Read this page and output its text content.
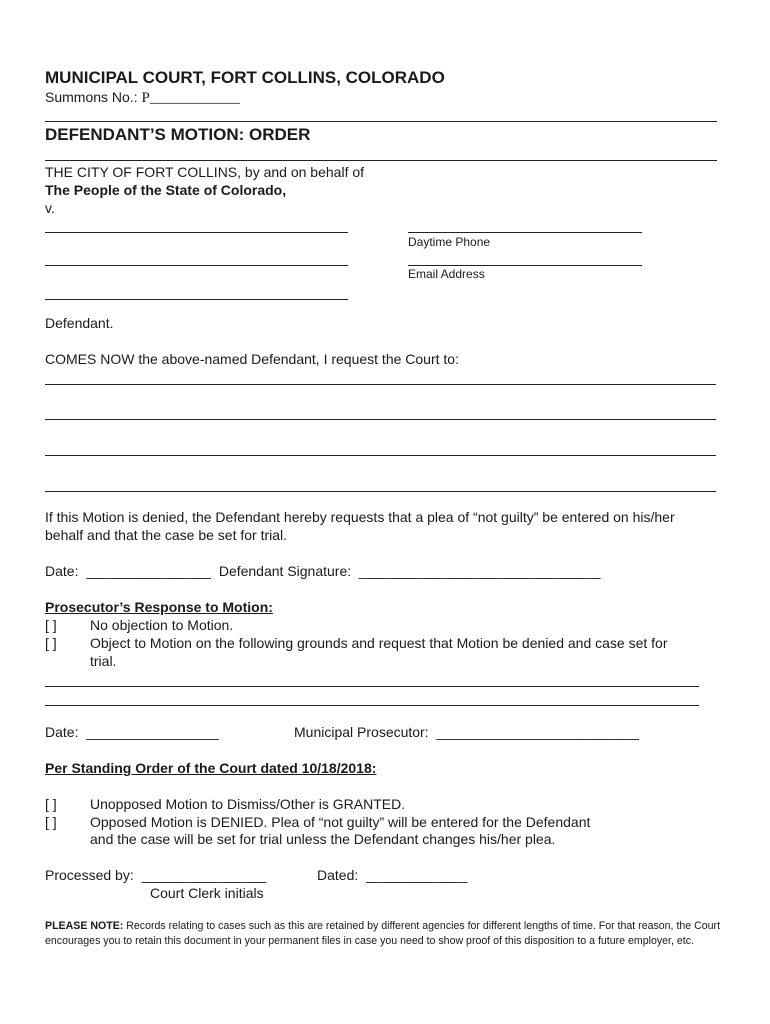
MUNICIPAL COURT, FORT COLLINS, COLORADO
Summons No.: P____________
DEFENDANT’S MOTION: ORDER
THE CITY OF FORT COLLINS, by and on behalf of
The People of the State of Colorado,
v.
Daytime Phone
Email Address
Defendant.
COMES NOW the above-named Defendant, I request the Court to:
If this Motion is denied, the Defendant hereby requests that a plea of “not guilty” be entered on his/her
behalf and that the case be set for trial.
Date: ________________ Defendant Signature: _______________________________
Prosecutor’s Response to Motion:
[ ] No objection to Motion.
[ ] Object to Motion on the following grounds and request that Motion be denied and case set for
trial.
Date: _________________	Municipal Prosecutor: __________________________
Per Standing Order of the Court dated 10/18/2018:
[ ] Unopposed Motion to Dismiss/Other is GRANTED.
[ ] Opposed Motion is DENIED. Plea of “not guilty” will be entered for the Defendant
and the case will be set for trial unless the Defendant changes his/her plea.
Processed by: ________________	Dated: _____________
Court Clerk initials
PLEASE NOTE: Records relating to cases such as this are retained by different agencies for different lengths of time. For that reason, the Court encourages you to retain this document in your permanent files in case you need to show proof of this disposition to a future employer, etc.
